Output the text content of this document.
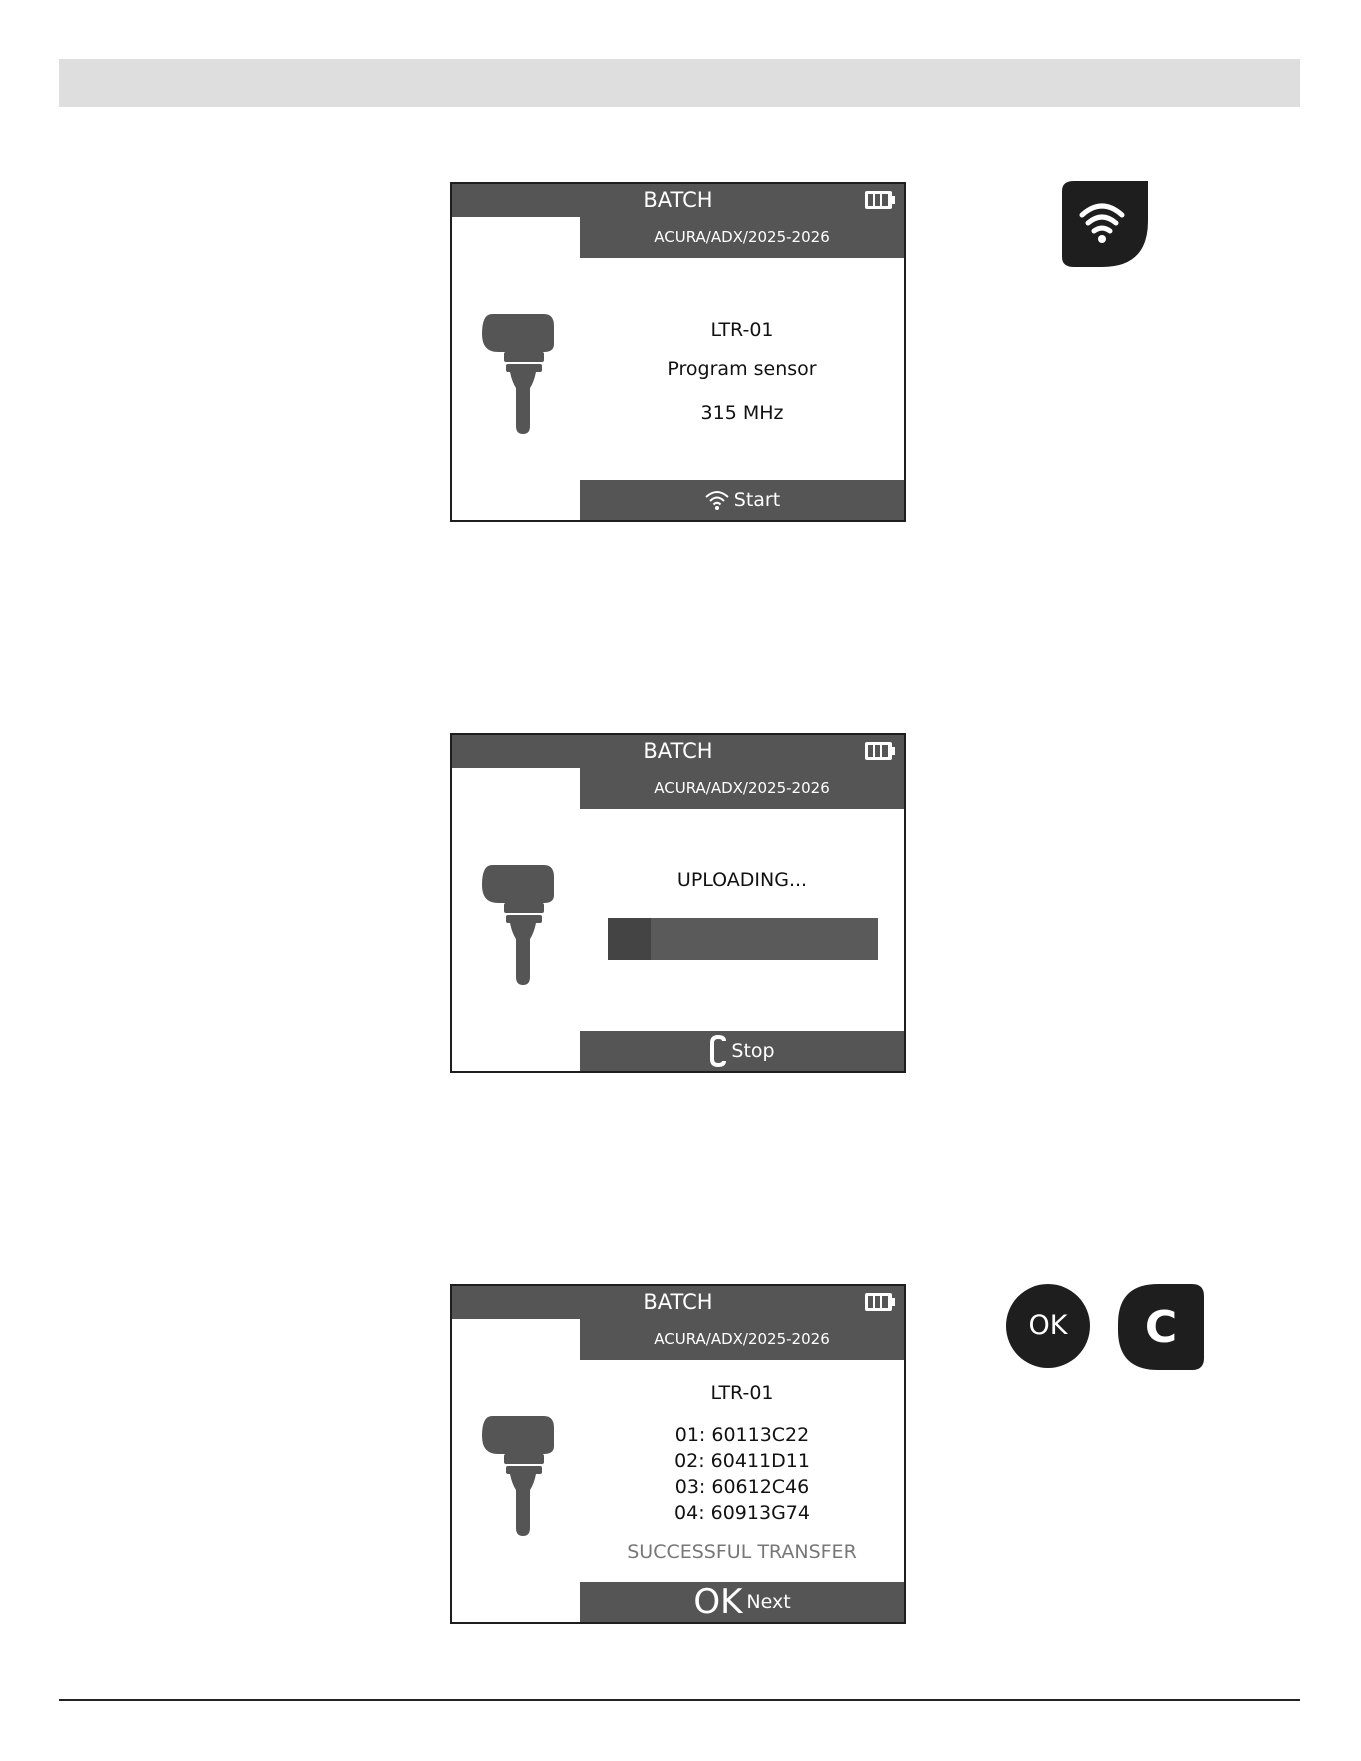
BATCH
ACURA/ADX/2025-2026
LTR-01
Program sensor
315 MHz
Start
BATCH
ACURA/ADX/2025-2026
UPLOADING...
Stop
BATCH
ACURA/ADX/2025-2026
LTR-01
01: 60113C22
02: 60411D11
03: 60612C46
04: 60913G74
SUCCESSFUL TRANSFER
OK Next
OK	C
